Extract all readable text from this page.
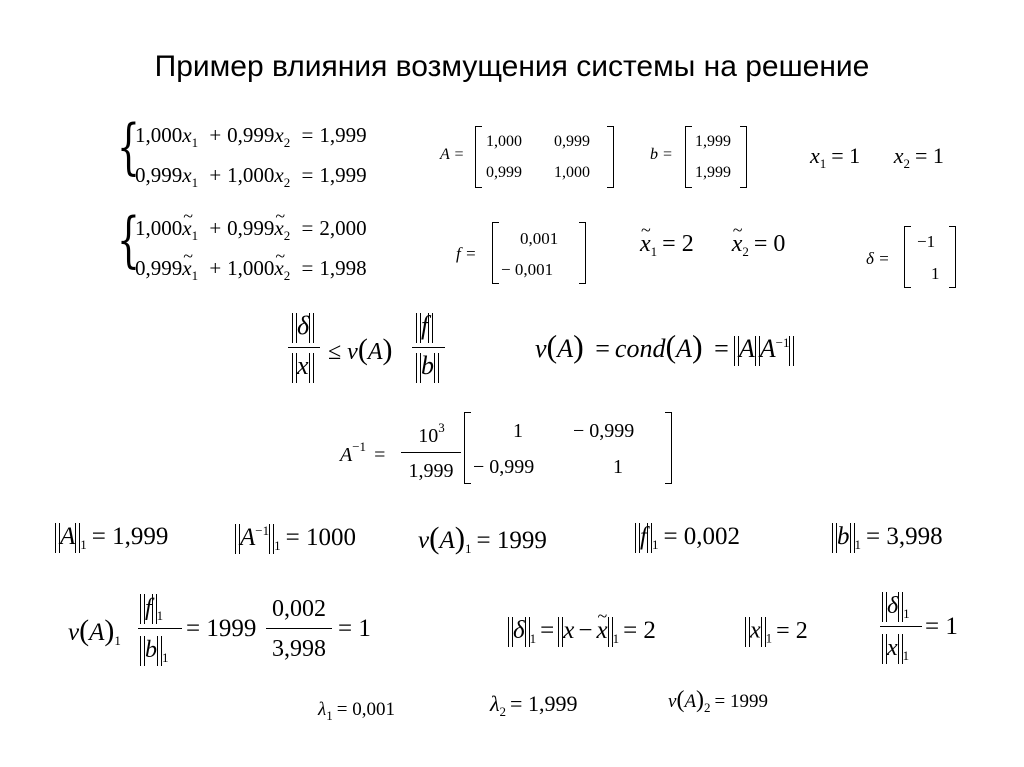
Пример влияния возмущения системы на решение
{
1,000x1 + 0,999x2 = 1,999
0,999x1 + 1,000x2 = 1,999
A =
1,000 0,999
0,999 1,000
b =
1,999
1,999
x1 = 1 x2 = 1
{
1,000~ x1 + 0,999~ x2 = 2,000
0,999~ x1 + 1,000~ x2 = 1,998
f =
0,001
− 0,001
~ x1 = 2 ~ x2 = 0
δ =
−1
1
δ
x ≤ ν(A)
f
b
ν(A) = cond(A) = A A−1
A−1 =
$10^3$
1,999
1	− 0,999
− 0,999	1
A $_1$ = 1,999	$A^{-1}_1 = 1000$ $\nu(A)_1 = 1999$	f $_1$ = 0,002	b $_1$ = 3,998
ν(A)1
f 1
b 1
= 1999
0,002
3,998
= 1	δ $_1$ = x − ~ x $_1$ = 2	x $_1$ = 2
δ 1
x 1
= 1
λ1 = 0,001	λ2 = 1,999	ν(A)2 = 1999
